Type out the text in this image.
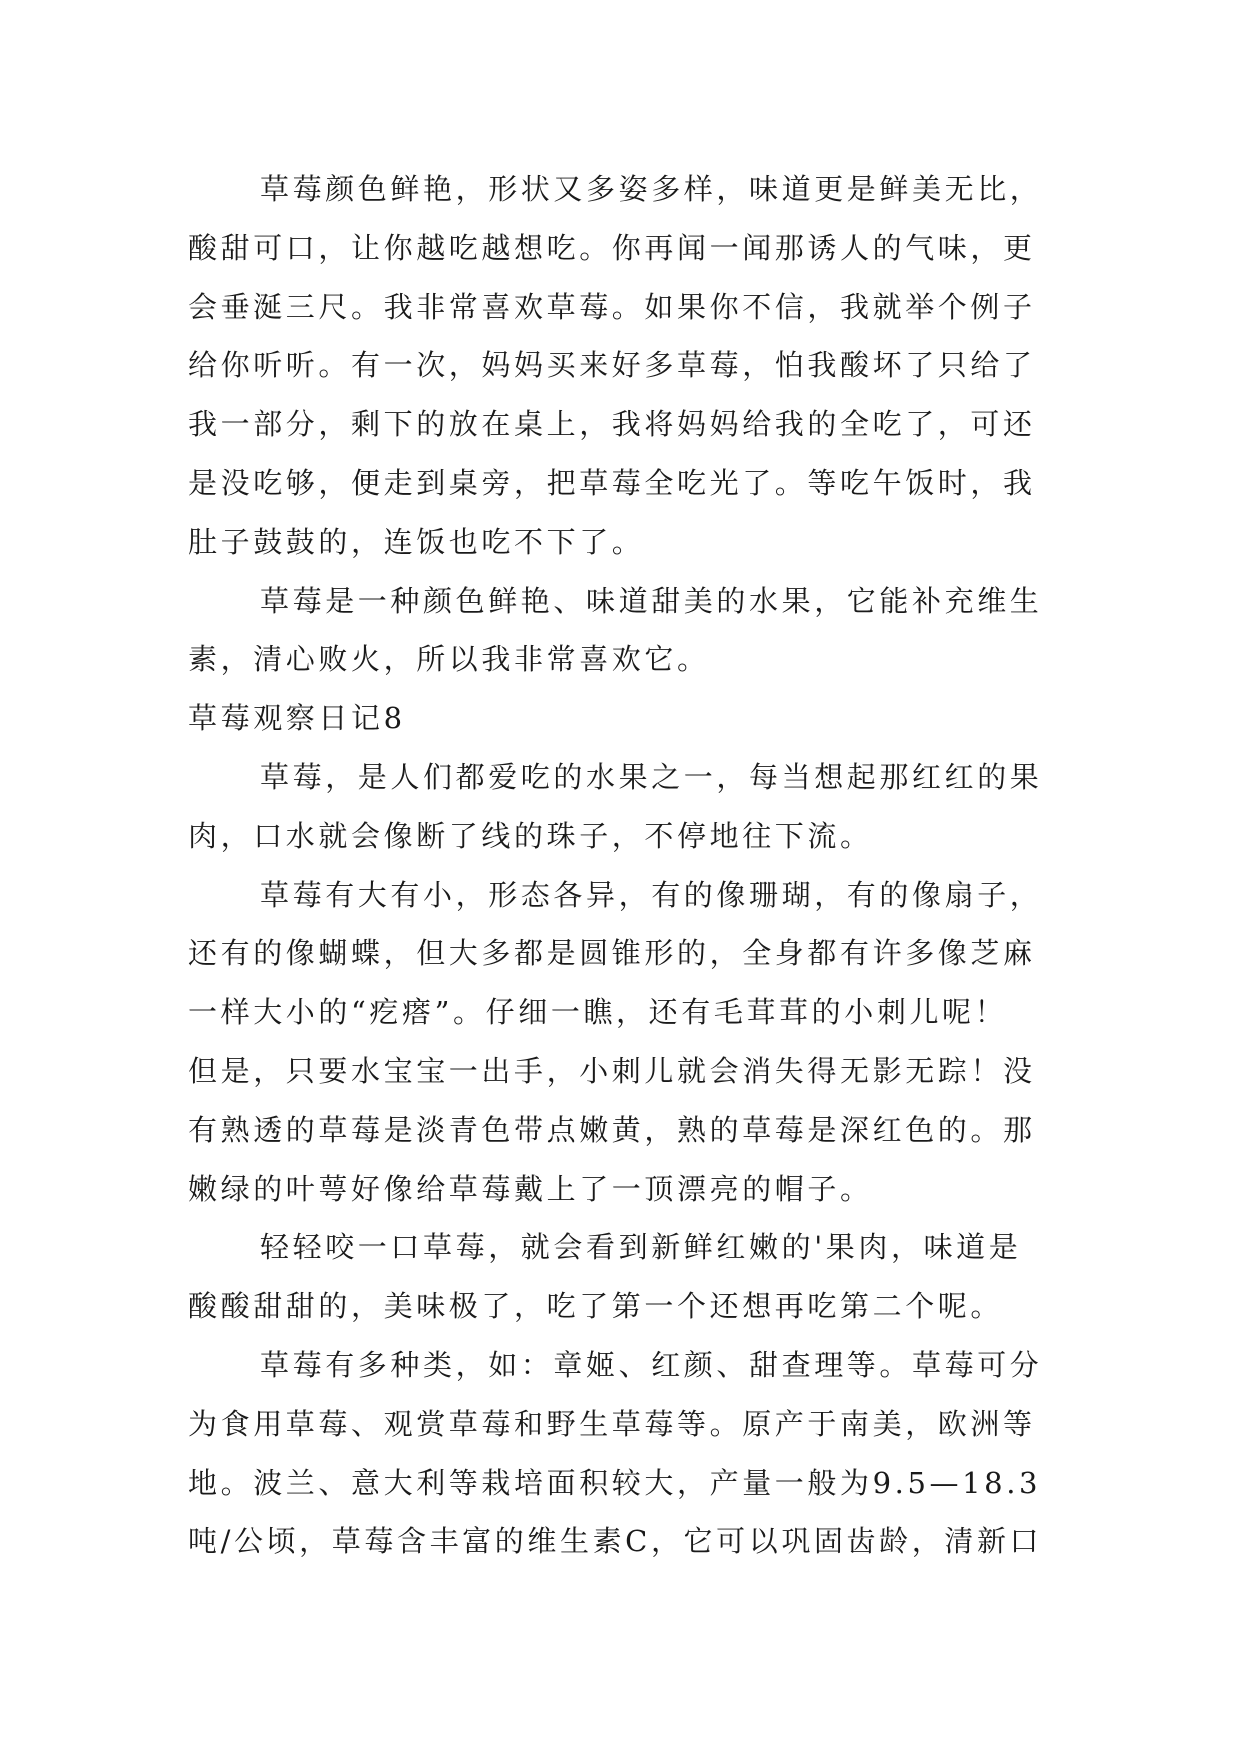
草莓颜色鲜艳，形状又多姿多样，味道更是鲜美无比，
酸甜可口，让你越吃越想吃。你再闻一闻那诱人的气味，更
会垂涎三尺。我非常喜欢草莓。如果你不信，我就举个例子
给你听听。有一次，妈妈买来好多草莓，怕我酸坏了只给了
我一部分，剩下的放在桌上，我将妈妈给我的全吃了，可还
是没吃够，便走到桌旁，把草莓全吃光了。等吃午饭时，我
肚子鼓鼓的，连饭也吃不下了。
草莓是一种颜色鲜艳、味道甜美的水果，它能补充维生
素，清心败火，所以我非常喜欢它。
草莓观察日记8
草莓，是人们都爱吃的水果之一，每当想起那红红的果
肉，口水就会像断了线的珠子，不停地往下流。
草莓有大有小，形态各异，有的像珊瑚，有的像扇子，
还有的像蝴蝶，但大多都是圆锥形的，全身都有许多像芝麻
一样大小的“疙瘩”。仔细一瞧，还有毛茸茸的小刺儿呢！
但是，只要水宝宝一出手，小刺儿就会消失得无影无踪！没
有熟透的草莓是淡青色带点嫩黄，熟的草莓是深红色的。那
嫩绿的叶萼好像给草莓戴上了一顶漂亮的帽子。
轻轻咬一口草莓，就会看到新鲜红嫩的'果肉，味道是
酸酸甜甜的，美味极了，吃了第一个还想再吃第二个呢。
草莓有多种类，如：章姬、红颜、甜查理等。草莓可分
为食用草莓、观赏草莓和野生草莓等。原产于南美，欧洲等
地。波兰、意大利等栽培面积较大，产量一般为9.5—18.3
吨/公顷，草莓含丰富的维生素C，它可以巩固齿龄，清新口
